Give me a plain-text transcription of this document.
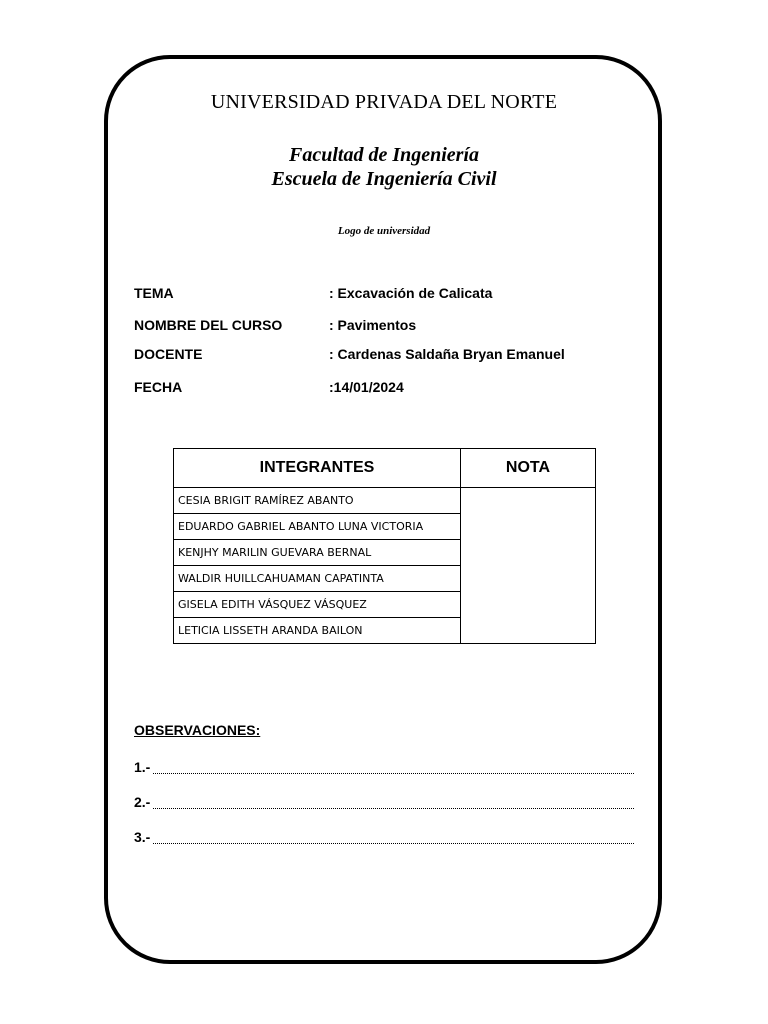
UNIVERSIDAD PRIVADA DEL NORTE
Facultad de Ingeniería
Escuela de Ingeniería Civil
Logo de universidad
TEMA	: Excavación de Calicata
NOMBRE DEL CURSO	: Pavimentos
DOCENTE	: Cardenas Saldaña Bryan Emanuel
FECHA	:14/01/2024
INTEGRANTES	NOTA
CESIA BRIGIT RAMÍREZ ABANTO	
EDUARDO GABRIEL ABANTO LUNA VICTORIA	
KENJHY MARILIN GUEVARA BERNAL	
WALDIR HUILLCAHUAMAN CAPATINTA	
GISELA EDITH VÁSQUEZ VÁSQUEZ	
LETICIA LISSETH ARANDA BAILON	
OBSERVACIONES:
1.-
2.-
3.-
